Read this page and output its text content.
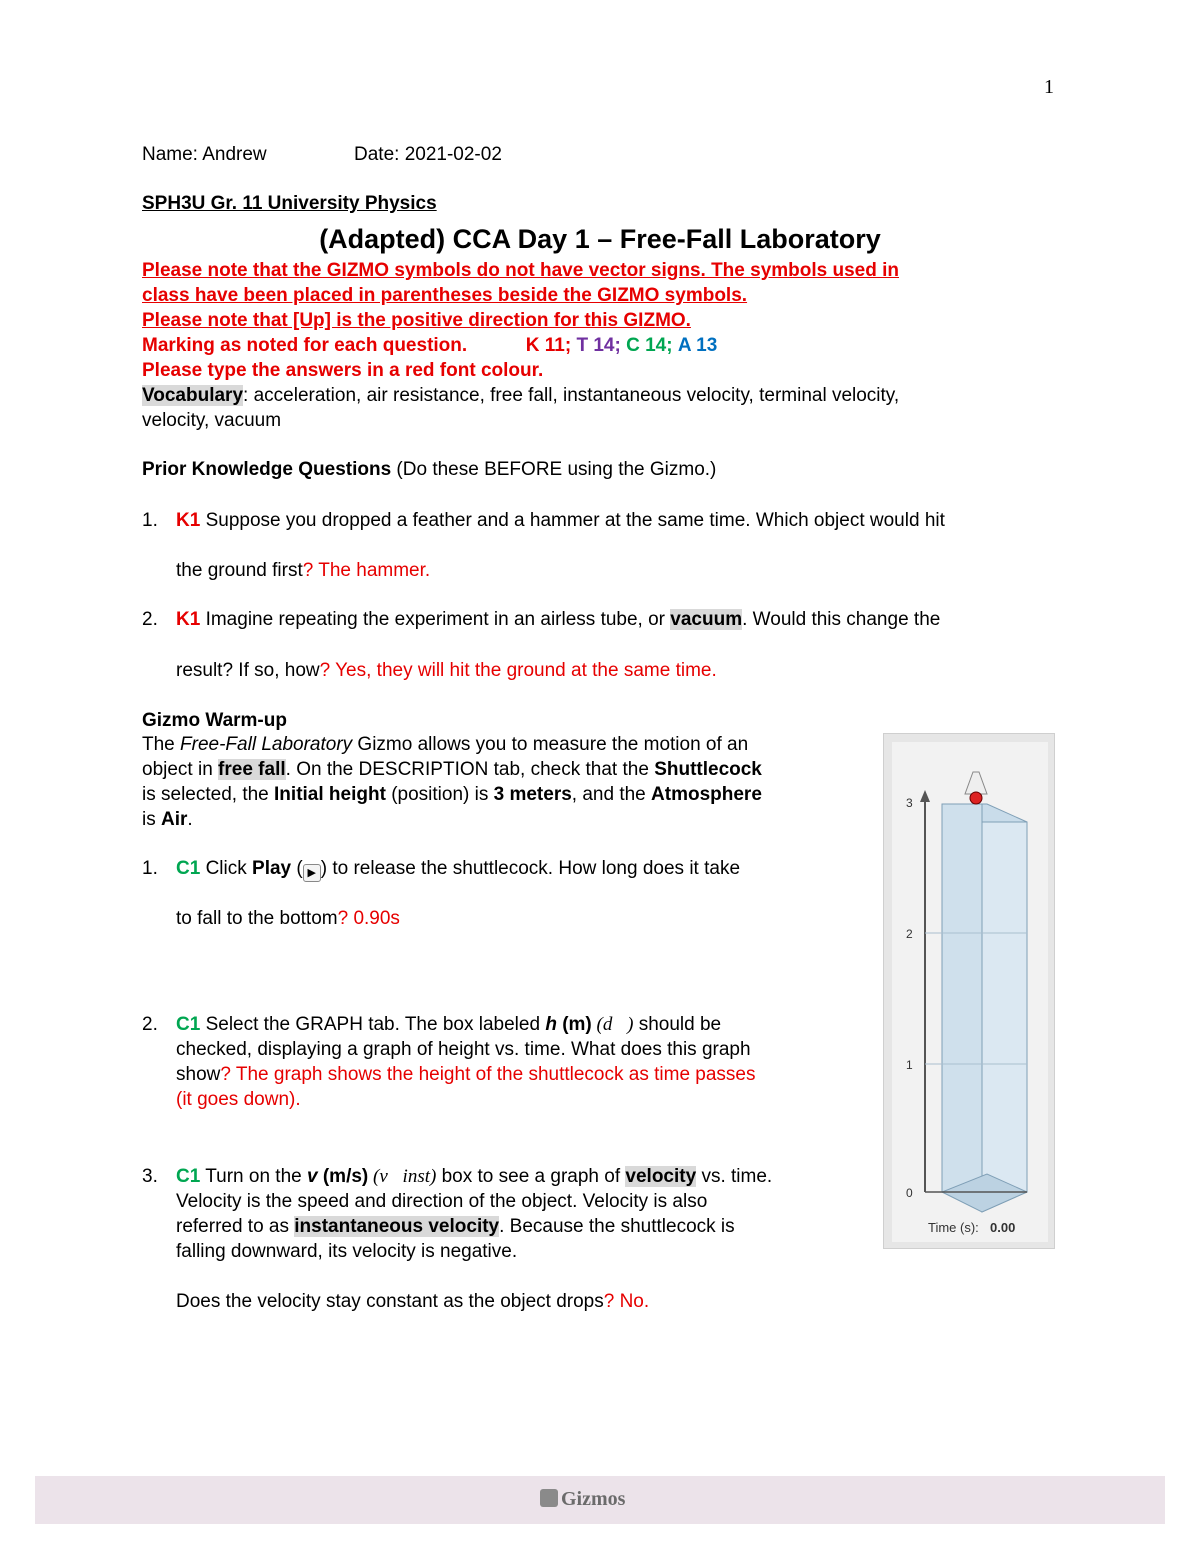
1
Name: Andrew	Date: 2021-02-02
SPH3U Gr. 11 University Physics
(Adapted) CCA Day 1 – Free-Fall Laboratory
Please note that the GIZMO symbols do not have vector signs. The symbols used in
class have been placed in parentheses beside the GIZMO symbols.
Please note that [Up] is the positive direction for this GIZMO.
Marking as noted for each question.	K 11; T 14; C 14; A 13
Please type the answers in a red font colour.
Vocabulary: acceleration, air resistance, free fall, instantaneous velocity, terminal velocity,
velocity, vacuum
Prior Knowledge Questions (Do these BEFORE using the Gizmo.)
1. K1 Suppose you dropped a feather and a hammer at the same time. Which object would hit
the ground first? The hammer.
2. K1 Imagine repeating the experiment in an airless tube, or vacuum. Would this change the
result? If so, how? Yes, they will hit the ground at the same time.
Gizmo Warm-up
The Free-Fall Laboratory Gizmo allows you to measure the motion of an
object in free fall. On the DESCRIPTION tab, check that the Shuttlecock
is selected, the Initial height (position) is 3 meters, and the Atmosphere
is Air.
1. C1 Click Play ( ▶ ) to release the shuttlecock. How long does it take
to fall to the bottom? 0.90s
2. C1 Select the GRAPH tab. The box labeled h (m) (d⃗) should be
checked, displaying a graph of height vs. time. What does this graph
show? The graph shows the height of the shuttlecock as time passes
(it goes down).
3. C1 Turn on the v (m/s) (v⃗inst) box to see a graph of velocity vs. time.
Velocity is the speed and direction of the object. Velocity is also
referred to as instantaneous velocity. Because the shuttlecock is
falling downward, its velocity is negative.
Does the velocity stay constant as the object drops? No.
3
2
1
0
Time (s): 0.00
Gizmos
